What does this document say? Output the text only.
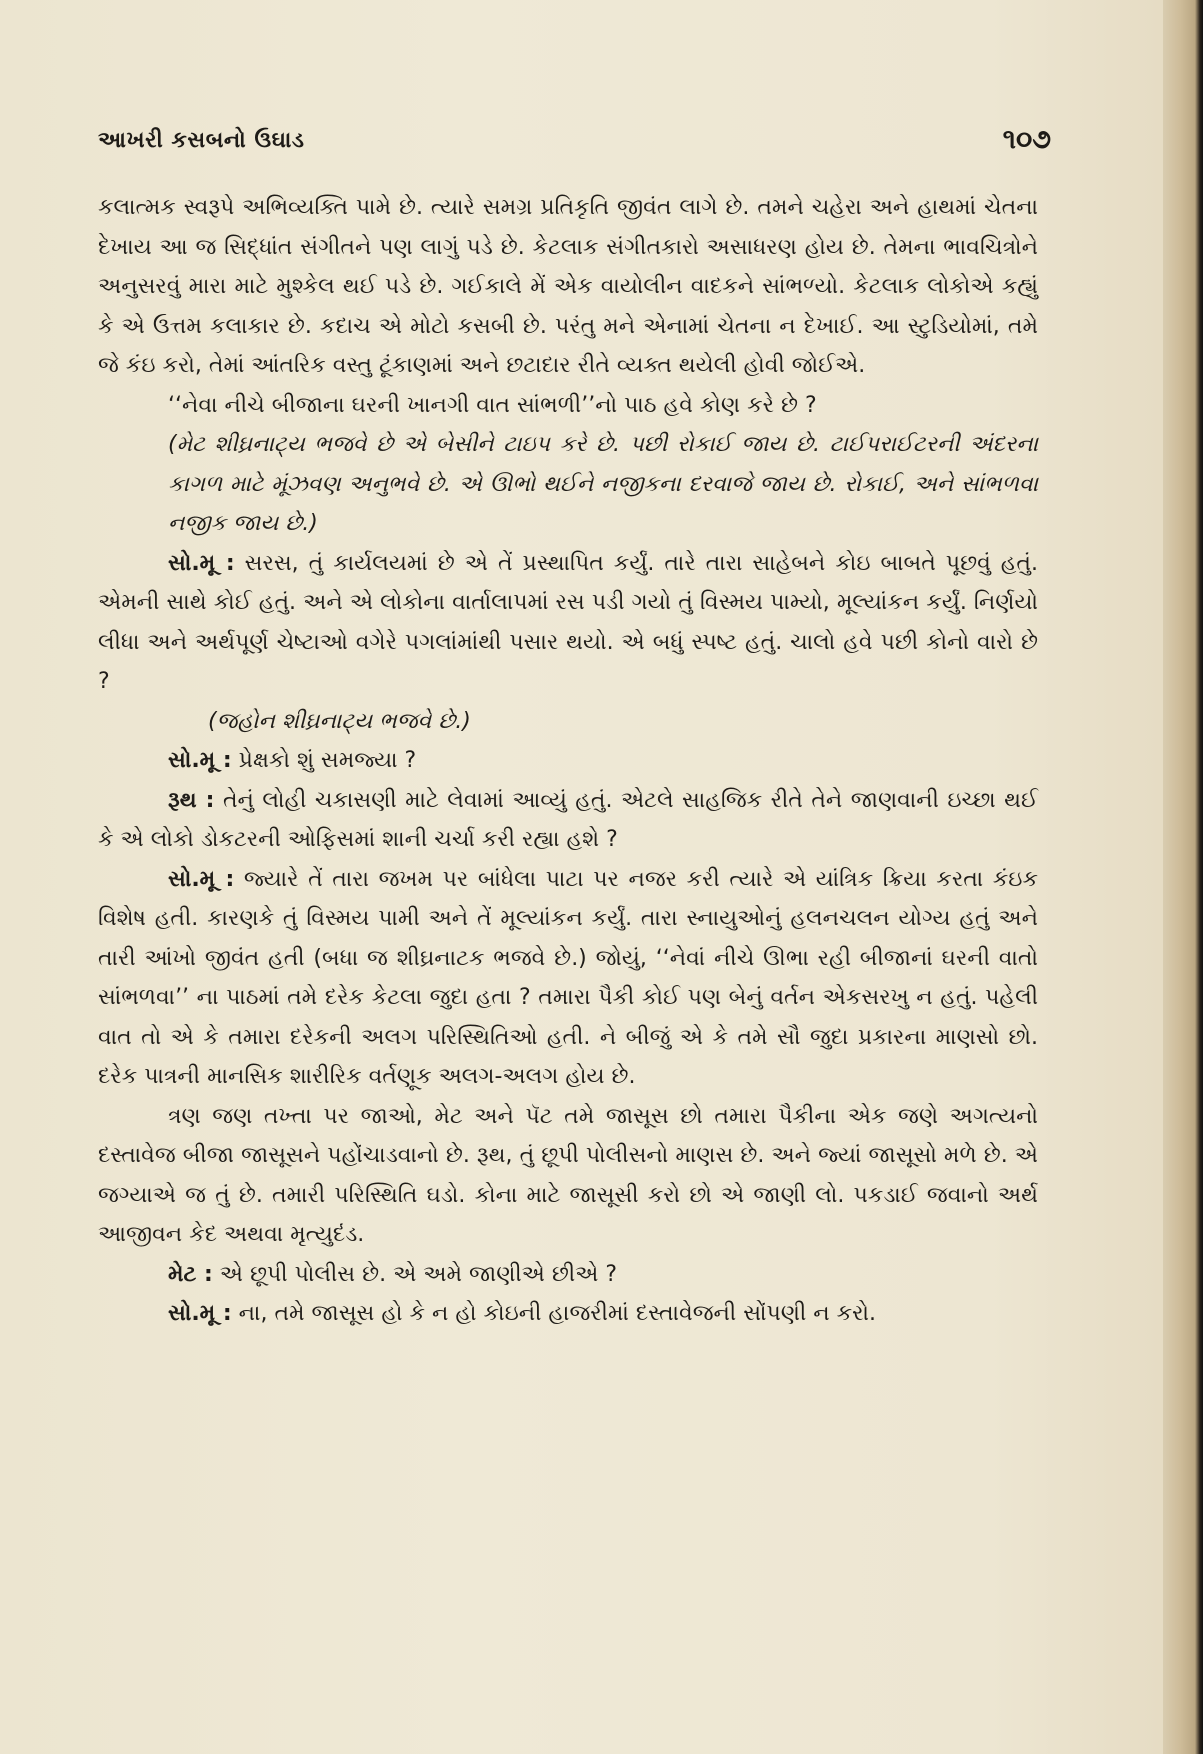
આખરી કસબનો ઉઘાડ	૧૦૭

કલાત્મક સ્વરૂપે અભિવ્યક્તિ પામે છે. ત્યારે સમગ્ર પ્રતિકૃતિ જીવંત લાગે છે. તમને ચહેરા અને હાથમાં ચેતના દેખાય આ જ સિદ્ધાંત સંગીતને પણ લાગું પડે છે. કેટલાક સંગીતકારો અસાધરણ હોય છે. તેમના ભાવચિત્રોને અનુસરવું મારા માટે મુશ્કેલ થઈ પડે છે. ગઈકાલે મેં એક વાયોલીન વાદકને સાંભળ્યો. કેટલાક લોકોએ કહ્યું કે એ ઉત્તમ કલાકાર છે. કદાચ એ મોટો કસબી છે. પરંતુ મને એનામાં ચેતના ન દેખાઈ. આ સ્ટુડિયોમાં, તમે જે કંઇ કરો, તેમાં આંતરિક વસ્તુ ટૂંકાણમાં અને છટાદાર રીતે વ્યક્ત થયેલી હોવી જોઈએ.

‘‘નેવા નીચે બીજાના ઘરની ખાનગી વાત સાંભળી’’નો પાઠ હવે કોણ કરે છે ?

(મેટ શીઘ્રનાટ્ય ભજવે છે એ બેસીને ટાઇપ કરે છે. પછી રોકાઈ જાય છે. ટાઈપરાઈટરની અંદરના કાગળ માટે મૂંઝવણ અનુભવે છે. એ ઊભો થઈને નજીકના દરવાજે જાય છે. રોકાઈ, અને સાંભળવા નજીક જાય છે.)

સો.મૂ : સરસ, તું કાર્યલયમાં છે એ તેં પ્રસ્થાપિત કર્યું. તારે તારા સાહેબને કોઇ બાબતે પૂછવું હતું. એમની સાથે કોઈ હતું. અને એ લોકોના વાર્તાલાપમાં રસ પડી ગયો તું વિસ્મય પામ્યો, મૂલ્યાંકન કર્યું. નિર્ણયો લીધા અને અર્થપૂર્ણ ચેષ્ટાઓ વગેરે પગલાંમાંથી પસાર થયો. એ બધું સ્પષ્ટ હતું. ચાલો હવે પછી કોનો વારો છે ?

(જહોન શીઘ્રનાટ્ય ભજવે છે.)

સો.મૂ : પ્રેક્ષકો શું સમજ્યા ?

રૂથ : તેનું લોહી ચકાસણી માટે લેવામાં આવ્યું હતું. એટલે સાહજિક રીતે તેને જાણવાની ઇચ્છા થઈ કે એ લોકો ડોકટરની ઓફિસમાં શાની ચર્ચા કરી રહ્યા હશે ?

સો.મૂ : જ્યારે તેં તારા જખમ પર બાંધેલા પાટા પર નજર કરી ત્યારે એ યાંત્રિક ક્રિયા કરતા કંઇક વિશેષ હતી. કારણકે તું વિસ્મય પામી અને તેં મૂલ્યાંકન કર્યું. તારા સ્નાયુઓનું હલનચલન યોગ્ય હતું અને તારી આંખો જીવંત હતી (બધા જ શીઘ્રનાટક ભજવે છે.) જોયું, ‘‘નેવાં નીચે ઊભા રહી બીજાનાં ઘરની વાતો સાંભળવા’’ ના પાઠમાં તમે દરેક કેટલા જુદા હતા ? તમારા પૈકી કોઈ પણ બેનું વર્તન એકસરખુ ન હતું. પહેલી વાત તો એ કે તમારા દરેકની અલગ પરિસ્થિતિઓ હતી. ને બીજું એ કે તમે સૌ જુદા પ્રકારના માણસો છો. દરેક પાત્રની માનસિક શારીરિક વર્તણૂક અલગ-અલગ હોય છે.

ત્રણ જણ તખ્તા પર જાઓ, મેટ અને પૅટ તમે જાસૂસ છો તમારા પૈકીના એક જણે અગત્યનો દસ્તાવેજ બીજા જાસૂસને પહોંચાડવાનો છે. રૂથ, તું છૂપી પોલીસનો માણસ છે. અને જ્યાં જાસૂસો મળે છે. એ જગ્યાએ જ તું છે. તમારી પરિસ્થિતિ ઘડો. કોના માટે જાસૂસી કરો છો એ જાણી લો. પકડાઈ જવાનો અર્થ આજીવન કેદ અથવા મૃત્યુદંડ.

મેટ : એ છૂપી પોલીસ છે. એ અમે જાણીએ છીએ ?

સો.મૂ : ના, તમે જાસૂસ હો કે ન હો કોઇની હાજરીમાં દસ્તાવેજની સોંપણી ન કરો.
